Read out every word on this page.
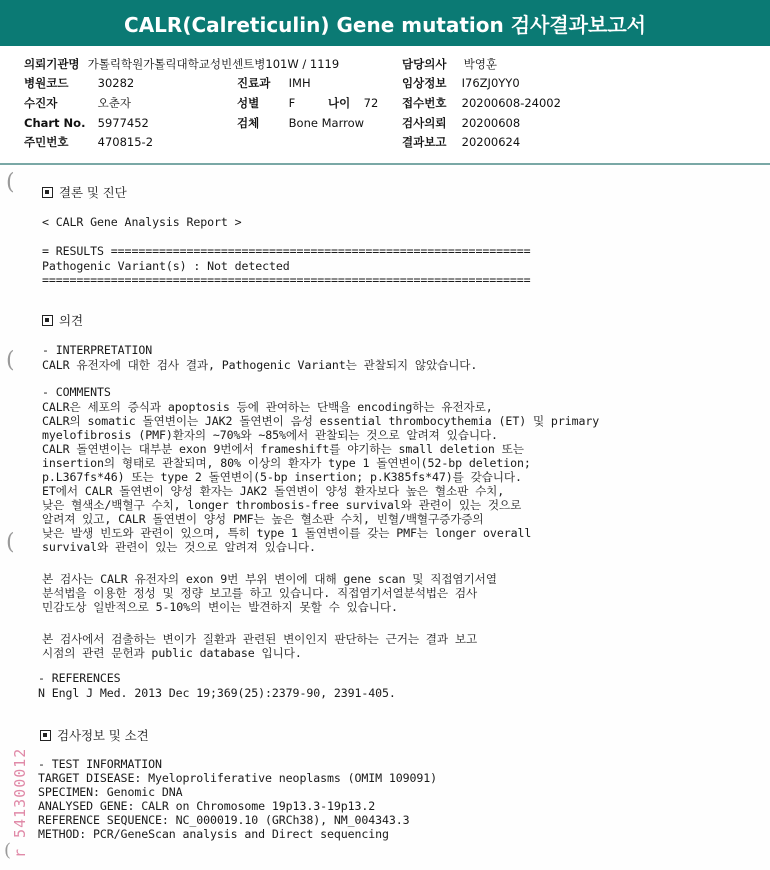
CALR(Calreticulin) Gene mutation 검사결과보고서
의뢰기관명 가톨릭학원가톨릭대학교성빈센트병101W / 1119	담당의사 박영훈
병원코드	30282	진료과 IMH	임상정보 I76ZJ0YY0
수진자	오춘자	성별	F	나이 72 접수번호 20200608-24002
Chart No. 5977452	검체	Bone Marrow	검사의뢰 20200608
주민번호	470815-2	결과보고 20200624
(
(
(
(
결론 및 진단
< CALR Gene Analysis Report >
= RESULTS =============================================================
Pathogenic Variant(s) : Not detected
=======================================================================
의견
- INTERPRETATION
CALR 유전자에 대한 검사 결과, Pathogenic Variant는 관찰되지 않았습니다.
- COMMENTS
CALR은 세포의 증식과 apoptosis 등에 관여하는 단백을 encoding하는 유전자로,
CALR의 somatic 돌연변이는 JAK2 돌연변이 음성 essential thrombocythemia (ET) 및 primary
myelofibrosis (PMF)환자의 ~70%와 ~85%에서 관찰되는 것으로 알려져 있습니다.
CALR 돌연변이는 대부분 exon 9번에서 frameshift를 야기하는 small deletion 또는
insertion의 형태로 관찰되며, 80% 이상의 환자가 type 1 돌연변이(52-bp deletion;
p.L367fs*46) 또는 type 2 돌연변이(5-bp insertion; p.K385fs*47)를 갖습니다.
ET에서 CALR 돌연변이 양성 환자는 JAK2 돌연변이 양성 환자보다 높은 혈소판 수치,
낮은 혈색소/백혈구 수치, longer thrombosis-free survival와 관련이 있는 것으로
알려져 있고, CALR 돌연변이 양성 PMF는 높은 혈소판 수치, 빈혈/백혈구증가증의
낮은 발생 빈도와 관련이 있으며, 특히 type 1 돌연변이를 갖는 PMF는 longer overall
survival와 관련이 있는 것으로 알려져 있습니다.
본 검사는 CALR 유전자의 exon 9번 부위 변이에 대해 gene scan 및 직접염기서열
분석법을 이용한 정성 및 정량 보고를 하고 있습니다. 직접염기서열분석법은 검사
민감도상 일반적으로 5-10%의 변이는 발견하지 못할 수 있습니다.
본 검사에서 검출하는 변이가 질환과 관련된 변이인지 판단하는 근거는 결과 보고
시점의 관련 문헌과 public database 입니다.
- REFERENCES
N Engl J Med. 2013 Dec 19;369(25):2379-90, 2391-405.
검사정보 및 소견
- TEST INFORMATION
TARGET DISEASE: Myeloproliferative neoplasms (OMIM 109091)
SPECIMEN: Genomic DNA
ANALYSED GENE: CALR on Chromosome 19p13.3-19p13.2
REFERENCE SEQUENCE: NC_000019.10 (GRCh38), NM_004343.3
METHOD: PCR/GeneScan analysis and Direct sequencing
r 541300012
